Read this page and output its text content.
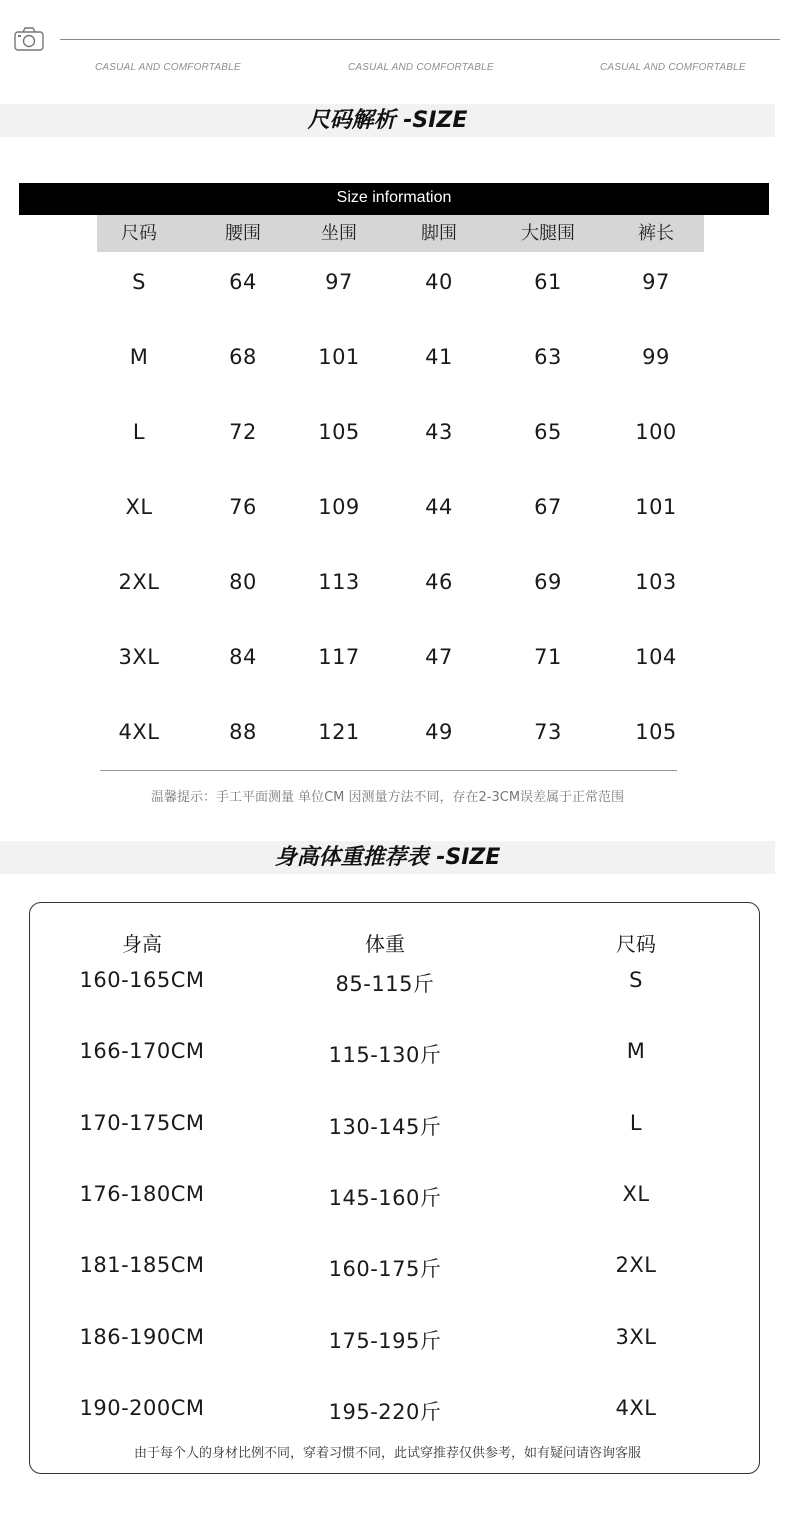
CASUAL AND COMFORTABLE	CASUAL AND COMFORTABLE	CASUAL AND COMFORTABLE
尺码解析 -SIZE
Size information
尺码	腰围	坐围	脚围	大腿围	裤长
S	64	97	40	61	97
M	68	101	41	63	99
L	72	105	43	65	100
XL	76	109	44	67	101
2XL	80	113	46	69	103
3XL	84	117	47	71	104
4XL	88	121	49	73	105
温馨提示：手工平面测量 单位CM 因测量方法不同，存在2-3CM误差属于正常范围
身高体重推荐表 -SIZE
身高	体重	尺码
160-165CM	85-115斤	S
166-170CM	115-130斤	M
170-175CM	130-145斤	L
176-180CM	145-160斤	XL
181-185CM	160-175斤	2XL
186-190CM	175-195斤	3XL
190-200CM	195-220斤	4XL
由于每个人的身材比例不同，穿着习惯不同，此试穿推荐仅供参考，如有疑问请咨询客服
